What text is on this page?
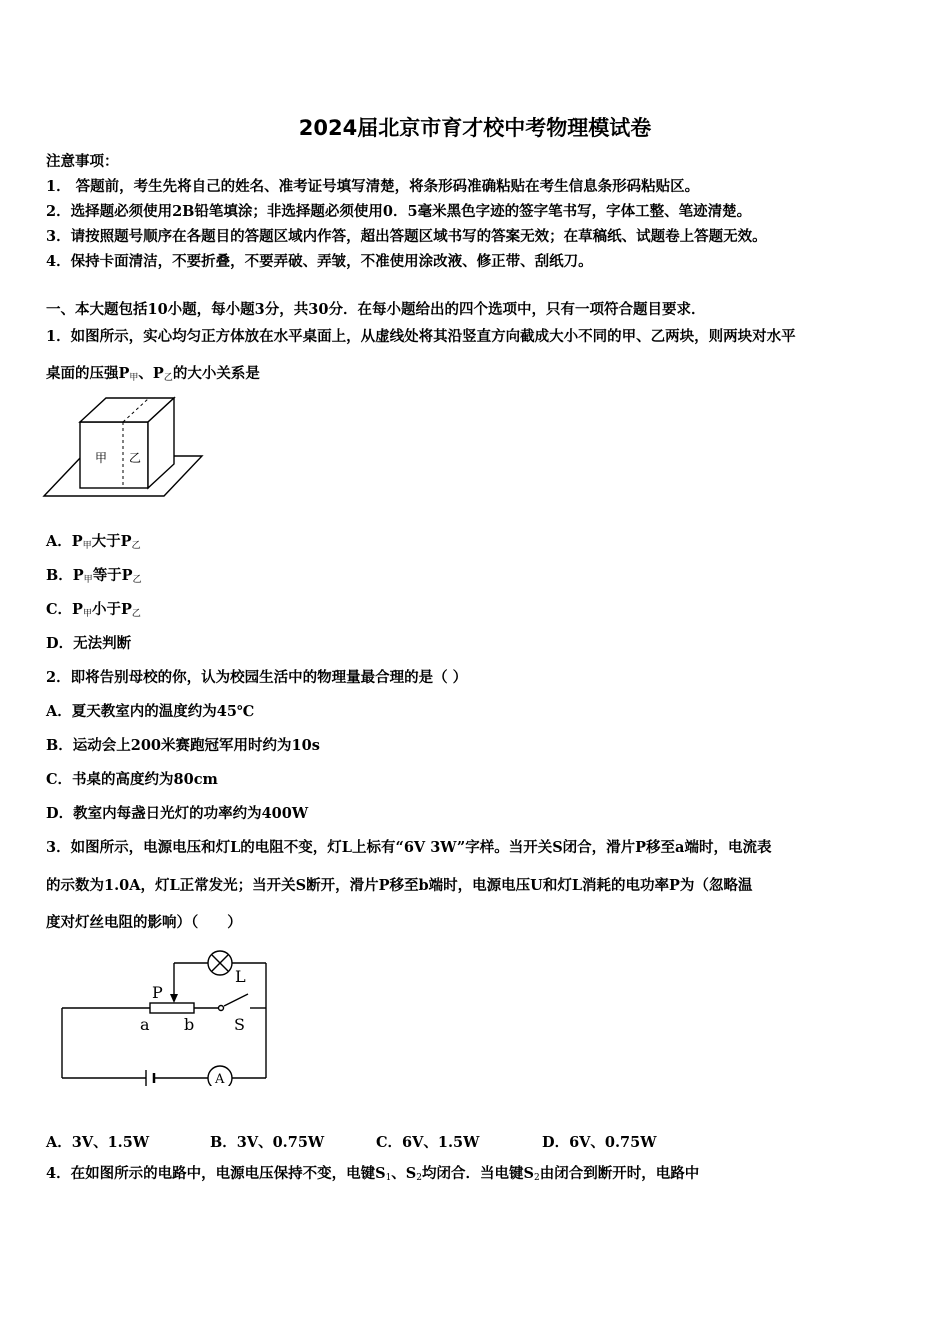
2024届北京市育才校中考物理模试卷
注意事项：
1． 答题前，考生先将自己的姓名、准考证号填写清楚，将条形码准确粘贴在考生信息条形码粘贴区。
2．选择题必须使用2B铅笔填涂；非选择题必须使用0．5毫米黑色字迹的签字笔书写，字体工整、笔迹清楚。
3．请按照题号顺序在各题目的答题区域内作答，超出答题区域书写的答案无效；在草稿纸、试题卷上答题无效。
4．保持卡面清洁，不要折叠，不要弄破、弄皱，不准使用涂改液、修正带、刮纸刀。
一、本大题包括10小题，每小题3分，共30分．在每小题给出的四个选项中，只有一项符合题目要求．
1．如图所示，实心均匀正方体放在水平桌面上，从虚线处将其沿竖直方向截成大小不同的甲、乙两块，则两块对水平
桌面的压强$P_甲$、$P_乙$的大小关系是
甲 乙
A．$P_甲$大于$P_乙$
B．$P_甲$等于$P_乙$
C．$P_甲$小于$P_乙$
D．无法判断
2．即将告别母校的你，认为校园生活中的物理量最合理的是（ ）
A．夏天教室内的温度约为45℃
B．运动会上200米赛跑冠军用时约为10s
C．书桌的高度约为80cm
D．教室内每盏日光灯的功率约为400W
3．如图所示，电源电压和灯L的电阻不变，灯L上标有“6V 3W”字样。当开关S闭合，滑片P移至a端时，电流表
的示数为1.0A，灯L正常发光；当开关S断开，滑片P移至b端时，电源电压U和灯L消耗的电功率P为（忽略温
度对灯丝电阻的影响）（　　）
P
L
a b S
A
A．3V、1.5W	B．3V、0.75W	C．6V、1.5W	D．6V、0.75W
4．在如图所示的电路中，电源电压保持不变，电键$S_1$、$S_2$均闭合．当电键$S_2$由闭合到断开时，电路中
